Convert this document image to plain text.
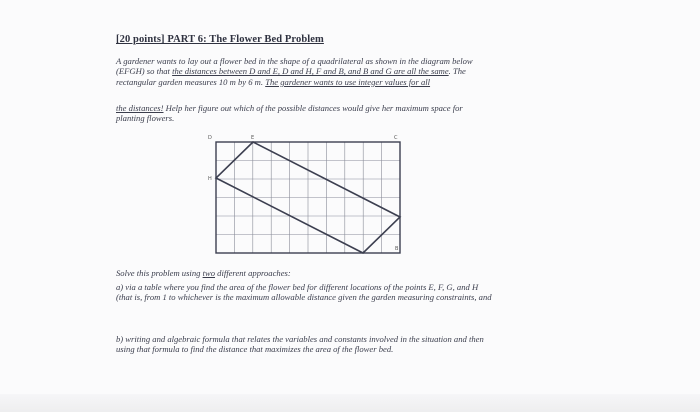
[20 points] PART 6: The Flower Bed Problem
A gardener wants to lay out a flower bed in the shape of a quadrilateral as shown in the diagram below (EFGH) so that the distances between D and E, D and H, F and B, and B and G are all the same. The rectangular garden measures 10 m by 6 m. The gardener wants to use integer values for all
the distances! Help her figure out which of the possible distances would give her maximum space for planting flowers.
D	E	C
H
B
Solve this problem using two different approaches:
a) via a table where you find the area of the flower bed for different locations of the points E, F, G, and H (that is, from 1 to whichever is the maximum allowable distance given the garden measuring constraints, and
b) writing and algebraic formula that relates the variables and constants involved in the situation and then using that formula to find the distance that maximizes the area of the flower bed.
